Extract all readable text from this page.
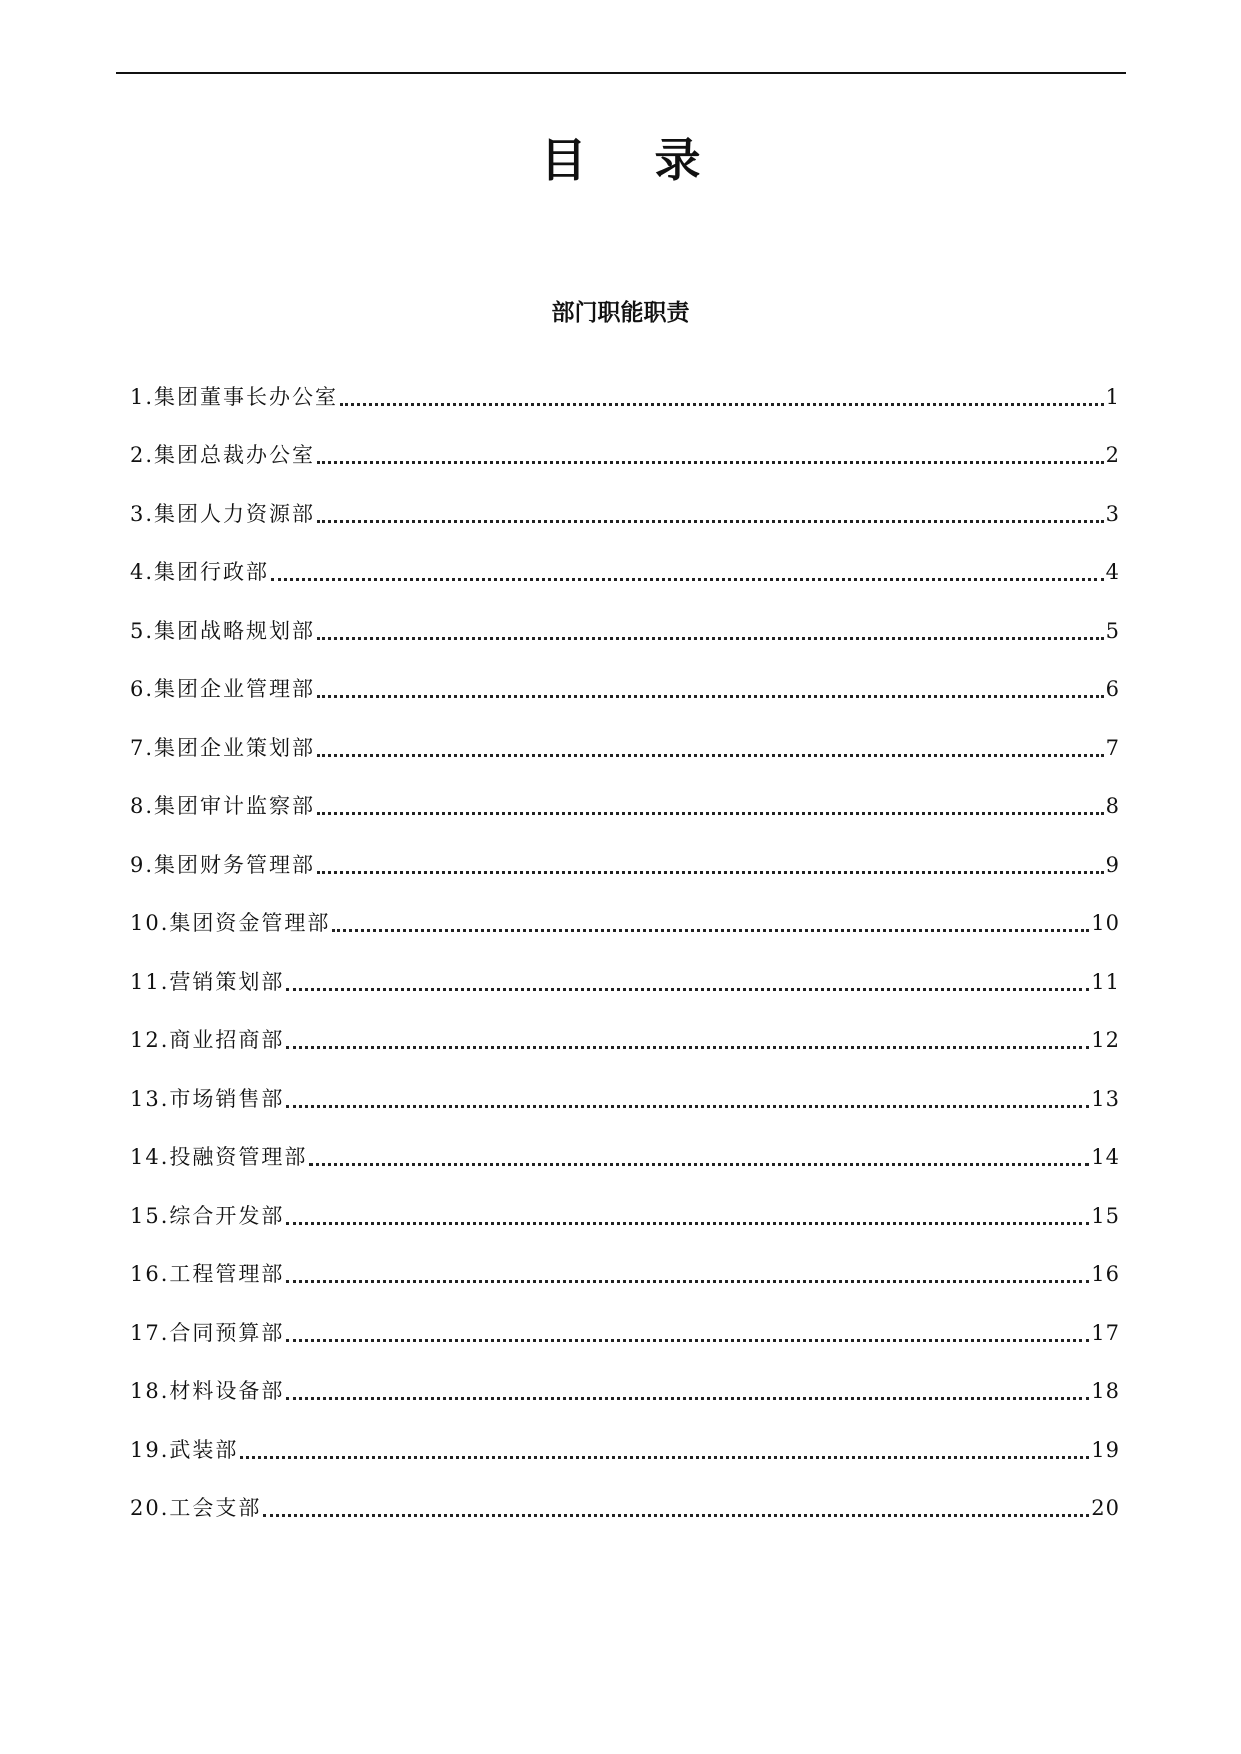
目 录
部门职能职责
1.集团董事长办公室	1
2.集团总裁办公室	2
3.集团人力资源部	3
4.集团行政部	4
5.集团战略规划部	5
6.集团企业管理部	6
7.集团企业策划部	7
8.集团审计监察部	8
9.集团财务管理部	9
10.集团资金管理部	10
11.营销策划部	11
12.商业招商部	12
13.市场销售部	13
14.投融资管理部	14
15.综合开发部	15
16.工程管理部	16
17.合同预算部	17
18.材料设备部	18
19.武装部	19
20.工会支部	20
